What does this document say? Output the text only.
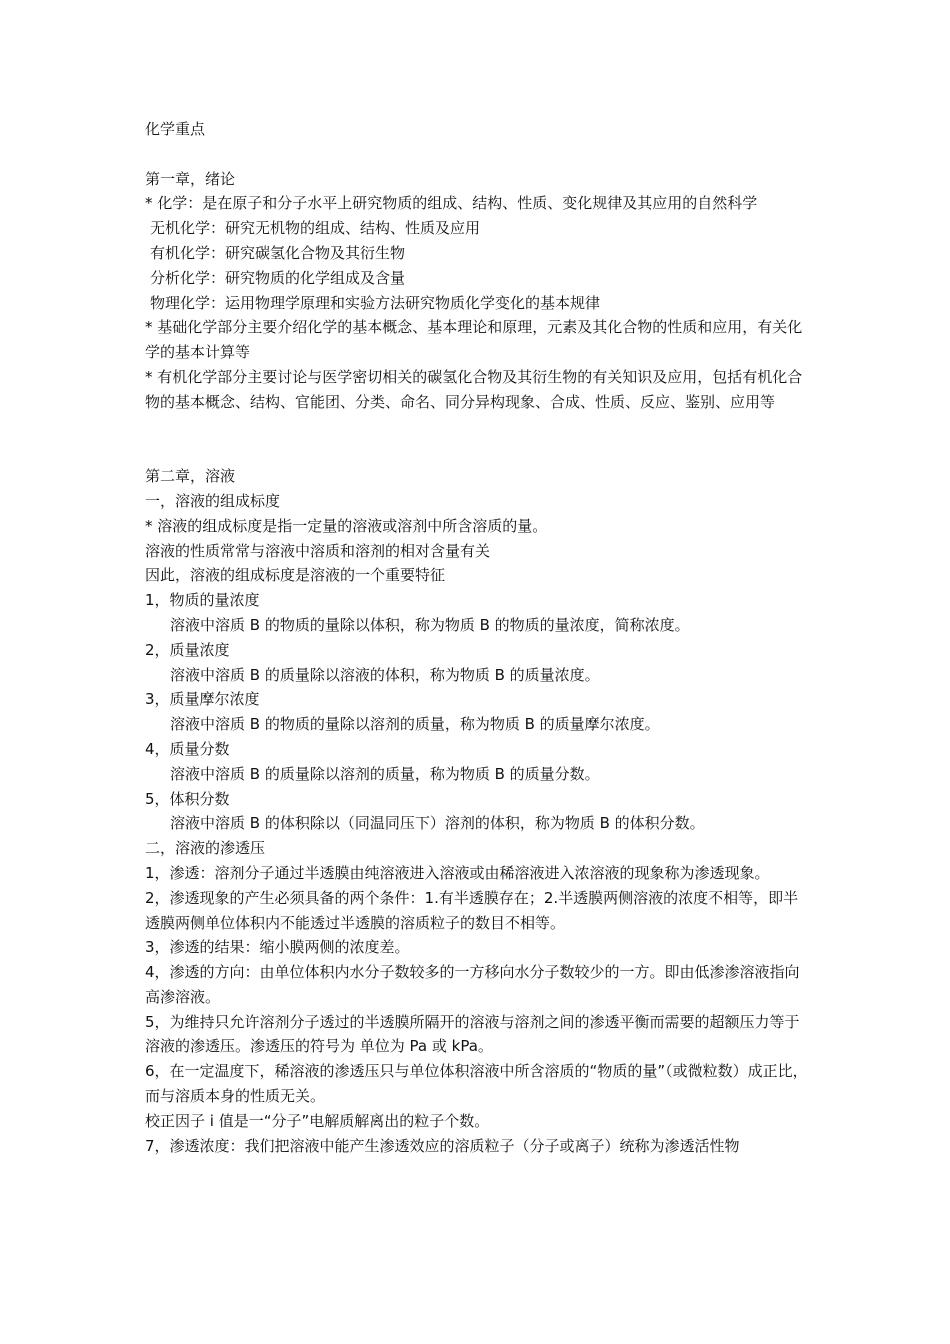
化学重点

第一章，绪论

* 化学：是在原子和分子水平上研究物质的组成、结构、性质、变化规律及其应用的自然科学

无机化学：研究无机物的组成、结构、性质及应用

有机化学：研究碳氢化合物及其衍生物

分析化学：研究物质的化学组成及含量

物理化学：运用物理学原理和实验方法研究物质化学变化的基本规律

* 基础化学部分主要介绍化学的基本概念、基本理论和原理，元素及其化合物的性质和应用，有关化学的基本计算等

* 有机化学部分主要讨论与医学密切相关的碳氢化合物及其衍生物的有关知识及应用，包括有机化合物的基本概念、结构、官能团、分类、命名、同分异构现象、合成、性质、反应、鉴别、应用等

第二章，溶液

一，溶液的组成标度

* 溶液的组成标度是指一定量的溶液或溶剂中所含溶质的量。

溶液的性质常常与溶液中溶质和溶剂的相对含量有关

因此，溶液的组成标度是溶液的一个重要特征

1，物质的量浓度

溶液中溶质 B 的物质的量除以体积，称为物质 B 的物质的量浓度，简称浓度。

2，质量浓度

溶液中溶质 B 的质量除以溶液的体积，称为物质 B 的质量浓度。

3，质量摩尔浓度

溶液中溶质 B 的物质的量除以溶剂的质量，称为物质 B 的质量摩尔浓度。

4，质量分数

溶液中溶质 B 的质量除以溶剂的质量，称为物质 B 的质量分数。

5，体积分数

溶液中溶质 B 的体积除以（同温同压下）溶剂的体积，称为物质 B 的体积分数。

二，溶液的渗透压

1，渗透：溶剂分子通过半透膜由纯溶液进入溶液或由稀溶液进入浓溶液的现象称为渗透现象。

2，渗透现象的产生必须具备的两个条件：1.有半透膜存在；2.半透膜两侧溶液的浓度不相等，即半透膜两侧单位体积内不能透过半透膜的溶质粒子的数目不相等。

3，渗透的结果：缩小膜两侧的浓度差。

4，渗透的方向：由单位体积内水分子数较多的一方移向水分子数较少的一方。即由低渗渗溶液指向高渗溶液。

5，为维持只允许溶剂分子透过的半透膜所隔开的溶液与溶剂之间的渗透平衡而需要的超额压力等于溶液的渗透压。渗透压的符号为 单位为 Pa 或 kPa。

6，在一定温度下，稀溶液的渗透压只与单位体积溶液中所含溶质的“物质的量”（或微粒数）成正比，而与溶质本身的性质无关。

校正因子 i 值是一“分子”电解质解离出的粒子个数。

7，渗透浓度：我们把溶液中能产生渗透效应的溶质粒子（分子或离子）统称为渗透活性物
